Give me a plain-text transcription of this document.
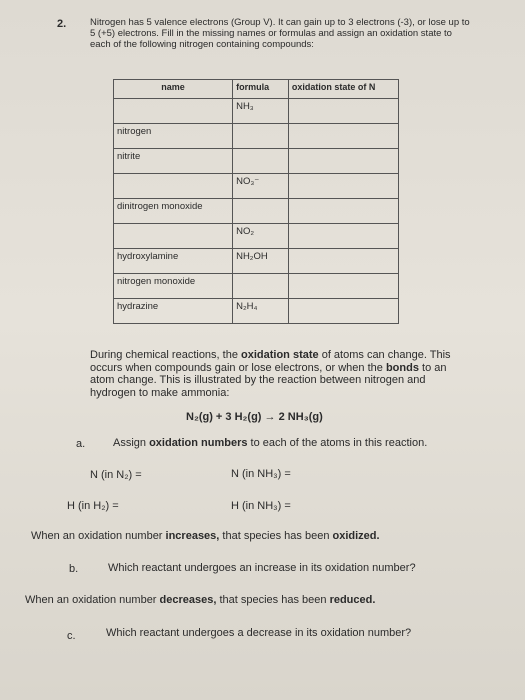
2.	Nitrogen has 5 valence electrons (Group V). It can gain up to 3 electrons (-3), or lose up to 5 (+5) electrons. Fill in the missing names or formulas and assign an oxidation state to each of the following nitrogen containing compounds:
name	formula	oxidation state of N
	NH₃	
nitrogen		
nitrite		
	NO₃⁻	
dinitrogen monoxide		
	NO₂	
hydroxylamine	NH₂OH	
nitrogen monoxide		
hydrazine	N₂H₄	
During chemical reactions, the oxidation state of atoms can change. This occurs when compounds gain or lose electrons, or when the bonds to an atom change. This is illustrated by the reaction between nitrogen and hydrogen to make ammonia:
N₂(g) + 3 H₂(g) → 2 NH₃(g)
a.	Assign oxidation numbers to each of the atoms in this reaction.
N (in N₂) =	N (in NH₃) =
H (in H₂) =	H (in NH₃) =
When an oxidation number increases, that species has been oxidized.
b.	Which reactant undergoes an increase in its oxidation number?
When an oxidation number decreases, that species has been reduced.
c.	Which reactant undergoes a decrease in its oxidation number?
